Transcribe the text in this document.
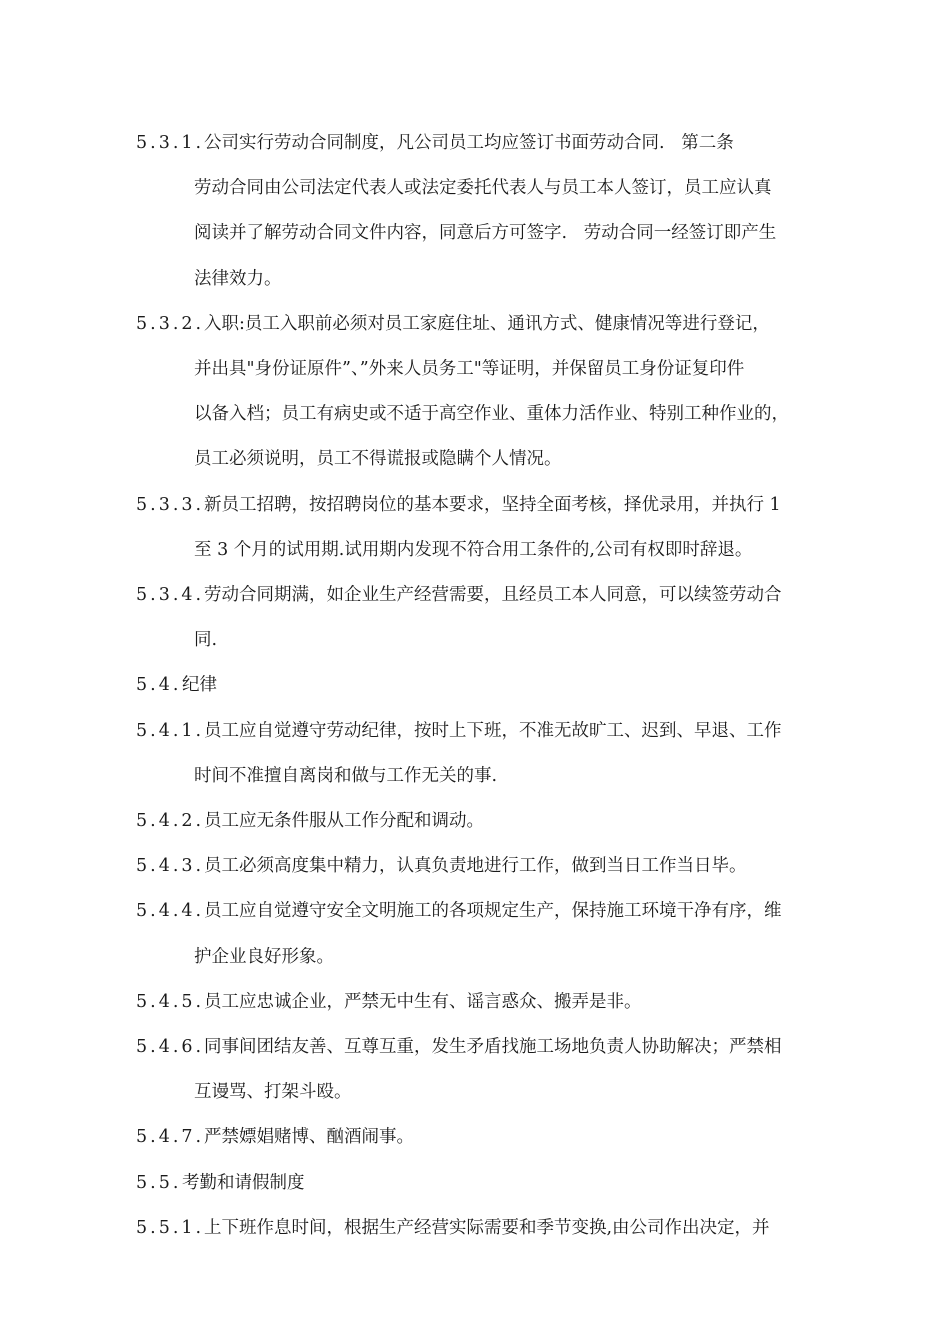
5.3.1. 公司实行劳动合同制度，凡公司员工均应签订书面劳动合同.   第二条
劳动合同由公司法定代表人或法定委托代表人与员工本人签订，员工应认真
阅读并了解劳动合同文件内容，同意后方可签字.   劳动合同一经签订即产生
法律效力。
5.3.2. 入职:员工入职前必须对员工家庭住址、通讯方式、健康情况等进行登记，
并出具"身份证原件”、”外来人员务工"等证明，并保留员工身份证复印件
以备入档；员工有病史或不适于高空作业、重体力活作业、特别工种作业的，
员工必须说明，员工不得谎报或隐瞒个人情况。
5.3.3. 新员工招聘，按招聘岗位的基本要求，坚持全面考核，择优录用，并执行 1
至 3 个月的试用期.试用期内发现不符合用工条件的,公司有权即时辞退。
5.3.4. 劳动合同期满，如企业生产经营需要，且经员工本人同意，可以续签劳动合
同.
5.4. 纪律
5.4.1. 员工应自觉遵守劳动纪律，按时上下班，不准无故旷工、迟到、早退、工作
时间不准擅自离岗和做与工作无关的事.
5.4.2. 员工应无条件服从工作分配和调动。
5.4.3. 员工必须高度集中精力，认真负责地进行工作，做到当日工作当日毕。
5.4.4. 员工应自觉遵守安全文明施工的各项规定生产，保持施工环境干净有序，维
护企业良好形象。
5.4.5. 员工应忠诚企业，严禁无中生有、谣言惑众、搬弄是非。
5.4.6. 同事间团结友善、互尊互重，发生矛盾找施工场地负责人协助解决；严禁相
互谩骂、打架斗殴。
5.4.7. 严禁嫖娼赌博、酗酒闹事。
5.5. 考勤和请假制度
5.5.1. 上下班作息时间，根据生产经营实际需要和季节变换,由公司作出决定，并
